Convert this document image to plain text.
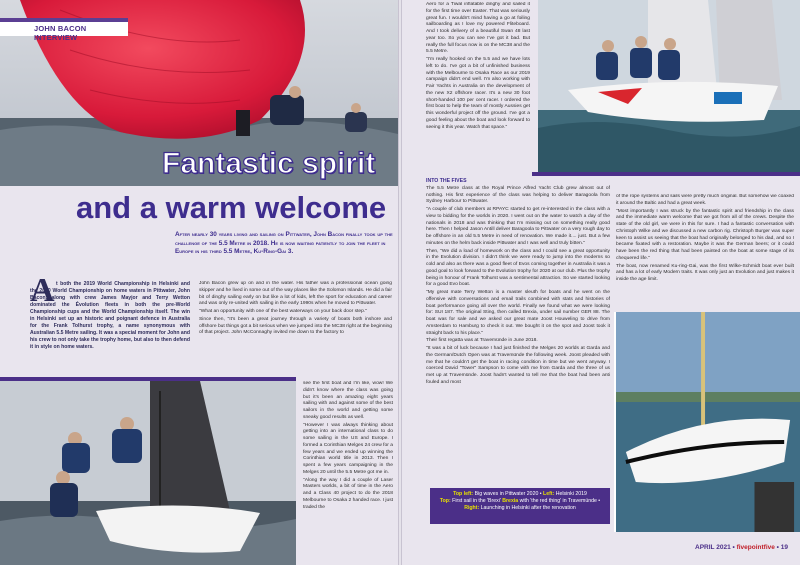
JOHN BACON INTERVIEW
Fantastic spirit
and a warm welcome
After nearly 30 years living and sailing on Pittwater, John Bacon finally took up the challenge of the 5.5 Metre in 2018. He is now waiting patiently to join the fleet in Europe in his third 5.5 Metre, Ku-Ring-Gai 3.
A t both the 2019 World Championship in Helsinki and the 2020 World Championship on home waters in Pittwater, John Bacon, along with crew James Mayjor and Terry Wetton dominated the Évolution fleets in both the pre-World Championship cups and the World Championship itself. The win in Helsinki set up an historic and poignant defence in Australia for the Frank Tolhurst trophy, a name synonymous with Australian 5.5 Metre sailing. It was a special moment for John and his crew to not only take the trophy home, but also to then defend it in style on home waters.

John Bacon grew up on and in the water. His father was a professional ocean going skipper and he lived in some out of the way places like the Solomon Islands. He did a fair bit of dinghy sailing early on but like a lot of kids, left the sport for education and career and was only re-united with sailing in the early 1990s when he moved to Pittwater.

"What an opportunity with one of the best waterways on your back door step."

Since then, "It's been a great journey through a variety of boats both inshore and offshore but things got a bit serious when we jumped into the MC38 right at the beginning of that project. John McConnaghy invited me down to the factory to

see the first boat and I'm like, wow! We didn't know where the class was going but it's been an amazing eight years sailing with and against some of the best sailors in the world and getting some sneaky good results as well.

"However I was always thinking about getting into an international class to do some sailing in the US and Europe. I formed a Corinthian Melges 24 crew for a few years and we ended up winning the Corinthian world title in 2013. Then I spent a few years campaigning in the Melges 20 until the 5.5 Metre got me in.

"Along the way I did a couple of Laser Masters worlds, a bit of time in the Aero and a Class 40 project to do the 2018 Melbourne to Osaka 2 handed race. I just traded the

Aero for a Tiwal inflatable dinghy and sailed it for the first time over Easter. That was seriously great fun. I wouldn't mind having a go at foiling sailboarding as I love my powered Fliteboard. And I took delivery of a beautiful Swan 48 last year too. So you can see I've got it bad. But really the full focus now is on the MC38 and the 5.5 Metre.

"I'm really hooked on the 5.5 and we have lots left to do. I've got a bit of unfinished business with the Melbourne to Osaka Race as our 2019 campaign didn't end well. I'm also working with Fair Yachts in Australia on the development of the new X2 offshore racer. It's a new 30 foot short-handed 100 per cent racer. I ordered the first boat to help the team of mostly Aussies get this wonderful project off the ground. I've got a good feeling about the boat and look forward to seeing it this year. Watch that space."

INTO THE FIVES

The 5.5 Metre class at the Royal Prince Alfred Yacht Club grew almost out of nothing. His first experience of the class was helping to deliver Baragoola from Sydney Harbour to Pittwater.

"A couple of club members at RPAYC started to get re-interested in the class with a view to bidding for the worlds in 2020. I went out on the water to watch a day of the nationals in 2018 and was thinking that I'm missing out on something really good here. Then I helped Jason Antill deliver Baragoola to Pittwater on a very rough day to be offshore in an old 5.5 Metre in need of renovation. We made it.... just. But a few minutes on the helm back inside Pittwater and I was well and truly bitten."

Then, "We did a load of homework on the class and I could see a great opportunity in the Evolution division. I didn't think we were ready to jump into the moderns so cold and also as there was a good fleet of Evos coming together in Australia it was a good goal to look forward to the Evolution trophy for 2020 at our club. Plus the trophy being in honour of Frank Tolhurst was a sentimental attraction. So we started looking for a good Evo boat.

"My great mate Terry Wetton is a master sleuth for boats and he went on the offensive with conversations and email trails combined with stats and histories of boat performance going all over the world. Finally we found what we were looking for: SUI 187. The original Sting, then called Brexia, under sail number GER 88. The boat was for sale and we asked our great mate Joost Houweling to drive from Amsterdam to Hamburg to check it out. We bought it on the spot and Joost took it straight back to his place."

Their first regatta was at Travemünde in June 2018.

"It was a bit of luck because I had just finished the Melges 20 worlds at Garda and the German/Dutch Open was at Travemünde the following week. Joost pleaded with me that he couldn't get the boat in racing condition in time but we went anyway. I coerced David "Tower" Sampson to come with me from Garda and the three of us met up at Travemünde. Joost hadn't wanted to tell me that the boat had been anti fouled and most

of the rope systems and sails were pretty much original. But somehow we coaxed it around the Baltic and had a great week.

"Most importantly I was struck by the fantastic spirit and friendship in the class and the immediate warm welcome that we got from all of the crews. Despite the state of the old girl, we were in this for sure. I had a fantastic conversation with Christoph Wilke and we discussed a new carbon rig. Christoph Burger was super keen to assist us seeing that the boat had originally belonged to his dad, and so I became fixated with a restoration. Maybe it was the German beers; or it could have been the red thing that had been painted on the boat at some stage of its chequered life."

The boat, now renamed Ku-ring-Gai, was the first Wilke-Schmidt boat ever built and has a lot of early Modern traits. It was only just an Evolution and just makes it inside the age limit.

Top left: Big waves in Pittwater 2020 • Left: Helsinki 2019
Top: First sail in the 'Brexi' Brexia with 'the red thing' in Travemünde • Right: Launching in Helsinki after the renovation
APRIL 2021 • fivepointfive • 19
